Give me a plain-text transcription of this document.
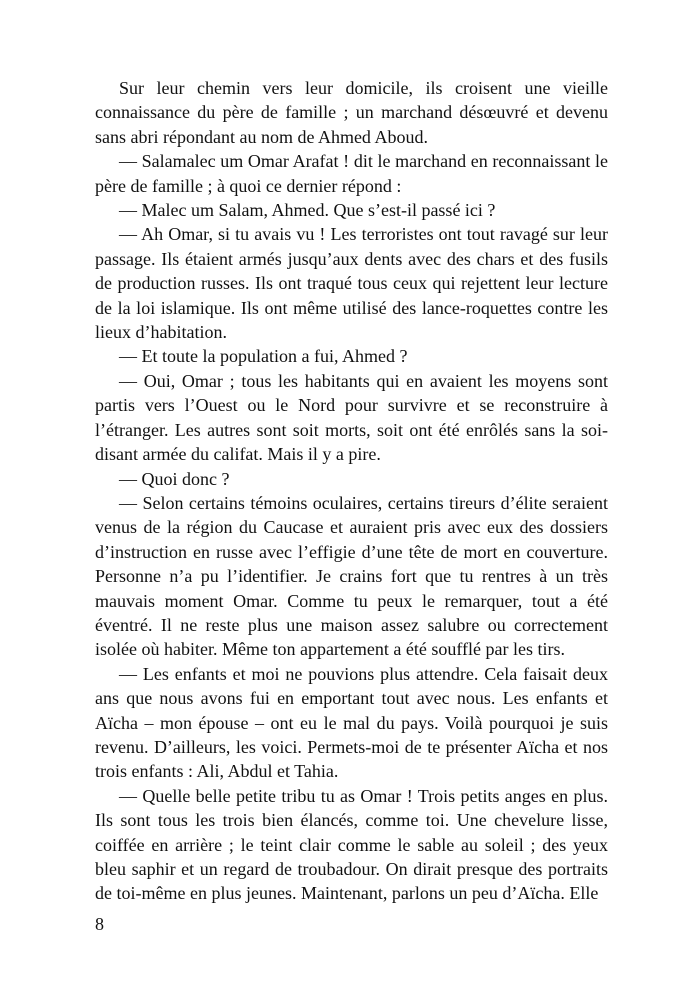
Sur leur chemin vers leur domicile, ils croisent une vieille connaissance du père de famille ; un marchand désœuvré et devenu sans abri répondant au nom de Ahmed Aboud.

— Salamalec um Omar Arafat ! dit le marchand en reconnaissant le père de famille ; à quoi ce dernier répond :

— Malec um Salam, Ahmed. Que s’est-il passé ici ?

— Ah Omar, si tu avais vu ! Les terroristes ont tout ravagé sur leur passage. Ils étaient armés jusqu’aux dents avec des chars et des fusils de production russes. Ils ont traqué tous ceux qui rejettent leur lecture de la loi islamique. Ils ont même utilisé des lance-roquettes contre les lieux d’habitation.

— Et toute la population a fui, Ahmed ?

— Oui, Omar ; tous les habitants qui en avaient les moyens sont partis vers l’Ouest ou le Nord pour survivre et se reconstruire à l’étranger. Les autres sont soit morts, soit ont été enrôlés sans la soi-disant armée du califat. Mais il y a pire.

— Quoi donc ?

— Selon certains témoins oculaires, certains tireurs d’élite seraient venus de la région du Caucase et auraient pris avec eux des dossiers d’instruction en russe avec l’effigie d’une tête de mort en couverture. Personne n’a pu l’identifier. Je crains fort que tu rentres à un très mauvais moment Omar. Comme tu peux le remarquer, tout a été éventré. Il ne reste plus une maison assez salubre ou correctement isolée où habiter. Même ton appartement a été soufflé par les tirs.

— Les enfants et moi ne pouvions plus attendre. Cela faisait deux ans que nous avons fui en emportant tout avec nous. Les enfants et Aïcha – mon épouse – ont eu le mal du pays. Voilà pourquoi je suis revenu. D’ailleurs, les voici. Permets-moi de te présenter Aïcha et nos trois enfants : Ali, Abdul et Tahia.

— Quelle belle petite tribu tu as Omar ! Trois petits anges en plus. Ils sont tous les trois bien élancés, comme toi. Une chevelure lisse, coiffée en arrière ; le teint clair comme le sable au soleil ; des yeux bleu saphir et un regard de troubadour. On dirait presque des portraits de toi-même en plus jeunes. Maintenant, parlons un peu d’Aïcha. Elle

8
